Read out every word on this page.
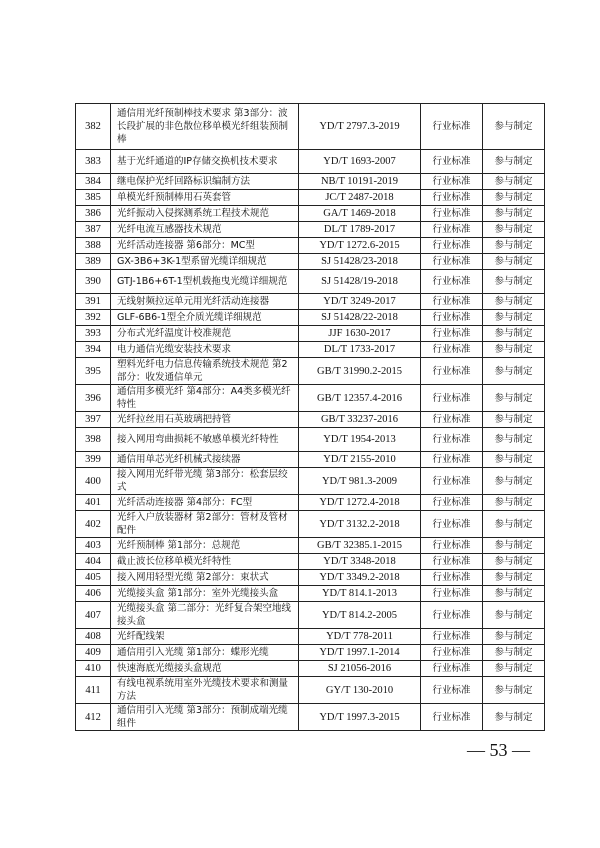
382	通信用光纤预制棒技术要求 第3部分：波长段扩展的非色散位移单模光纤组装预制棒	YD/T 2797.3-2019	行业标准	参与制定
383	基于光纤通道的IP存储交换机技术要求	YD/T 1693-2007	行业标准	参与制定
384	继电保护光纤回路标识编制方法	NB/T 10191-2019	行业标准	参与制定
385	单模光纤预制棒用石英套管	JC/T 2487-2018	行业标准	参与制定
386	光纤振动入侵探测系统工程技术规范	GA/T 1469-2018	行业标准	参与制定
387	光纤电流互感器技术规范	DL/T 1789-2017	行业标准	参与制定
388	光纤活动连接器 第6部分：MC型	YD/T 1272.6-2015	行业标准	参与制定
389	GX-3B6+3K-1型系留光缆详细规范	SJ 51428/23-2018	行业标准	参与制定
390	GTJ-1B6+6T-1型机载拖曳光缆详细规范	SJ 51428/19-2018	行业标准	参与制定
391	无线射频拉远单元用光纤活动连接器	YD/T 3249-2017	行业标准	参与制定
392	GLF-6B6-1型全介质光缆详细规范	SJ 51428/22-2018	行业标准	参与制定
393	分布式光纤温度计校准规范	JJF 1630-2017	行业标准	参与制定
394	电力通信光缆安装技术要求	DL/T 1733-2017	行业标准	参与制定
395	塑料光纤电力信息传输系统技术规范 第2部分：收发通信单元	GB/T 31990.2-2015	行业标准	参与制定
396	通信用多模光纤 第4部分：A4类多模光纤特性	GB/T 12357.4-2016	行业标准	参与制定
397	光纤拉丝用石英玻璃把持管	GB/T 33237-2016	行业标准	参与制定
398	接入网用弯曲损耗不敏感单模光纤特性	YD/T 1954-2013	行业标准	参与制定
399	通信用单芯光纤机械式接续器	YD/T 2155-2010	行业标准	参与制定
400	接入网用光纤带光缆 第3部分：松套层绞式	YD/T 981.3-2009	行业标准	参与制定
401	光纤活动连接器 第4部分：FC型	YD/T 1272.4-2018	行业标准	参与制定
402	光纤入户放装器材 第2部分：管材及管材配件	YD/T 3132.2-2018	行业标准	参与制定
403	光纤预制棒 第1部分：总规范	GB/T 32385.1-2015	行业标准	参与制定
404	截止波长位移单模光纤特性	YD/T 3348-2018	行业标准	参与制定
405	接入网用轻型光缆 第2部分：束状式	YD/T 3349.2-2018	行业标准	参与制定
406	光缆接头盒 第1部分：室外光缆接头盒	YD/T 814.1-2013	行业标准	参与制定
407	光缆接头盒 第二部分：光纤复合架空地线接头盒	YD/T 814.2-2005	行业标准	参与制定
408	光纤配线架	YD/T 778-2011	行业标准	参与制定
409	通信用引入光缆 第1部分：蝶形光缆	YD/T 1997.1-2014	行业标准	参与制定
410	快速海底光缆接头盒规范	SJ 21056-2016	行业标准	参与制定
411	有线电视系统用室外光缆技术要求和测量方法	GY/T 130-2010	行业标准	参与制定
412	通信用引入光缆 第3部分：预制成端光缆组件	YD/T 1997.3-2015	行业标准	参与制定
— 53 —
